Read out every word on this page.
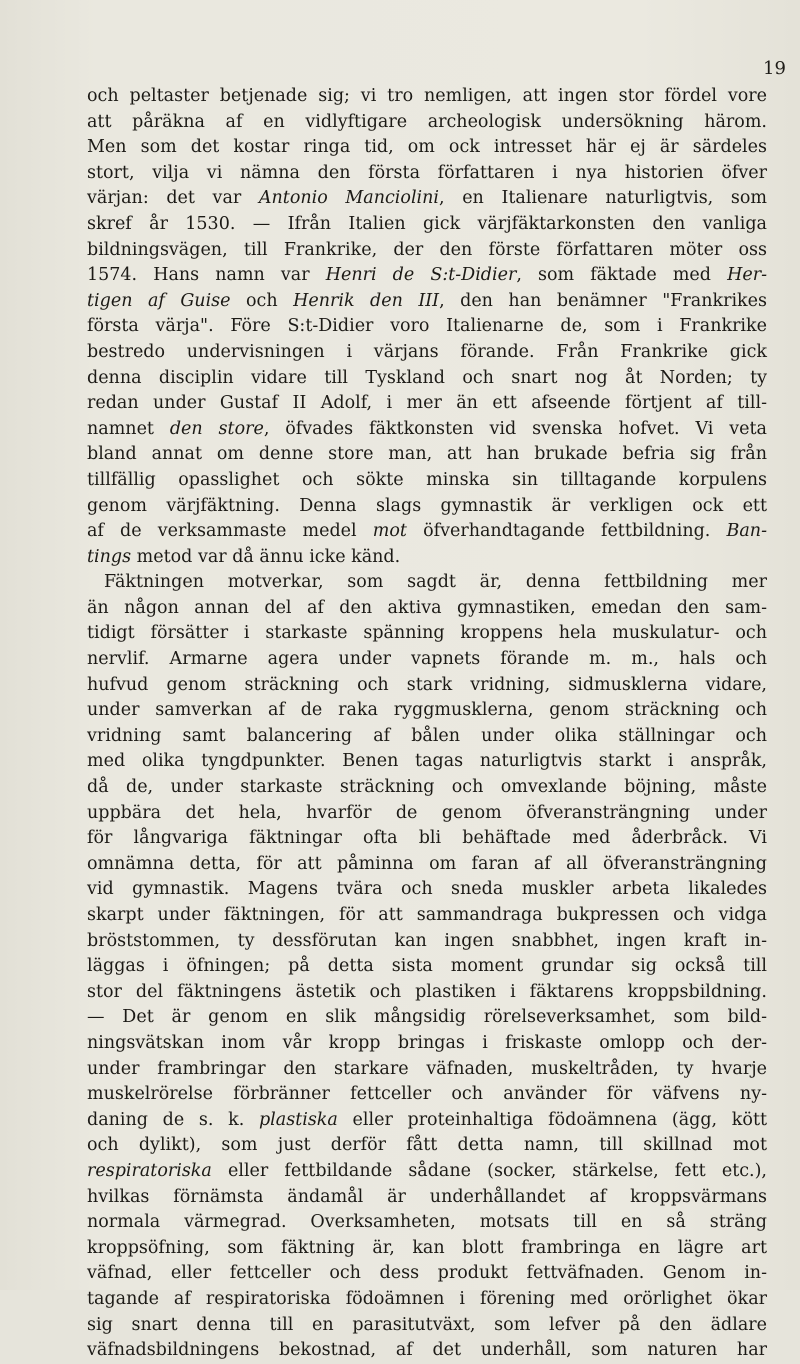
19
och peltaster betjenade sig; vi tro nemligen, att ingen stor fördel vore
att påräkna af en vidlyftigare archeologisk undersökning härom.
Men som det kostar ringa tid, om ock intresset här ej är särdeles
stort, vilja vi nämna den första författaren i nya historien öfver
värjan: det var Antonio Manciolini, en Italienare naturligtvis, som
skref år 1530. — Ifrån Italien gick värjfäktarkonsten den vanliga
bildningsvägen, till Frankrike, der den förste författaren möter oss
1574. Hans namn var Henri de S:t-Didier, som fäktade med Her-
tigen af Guise och Henrik den III, den han benämner "Frankrikes
första värja". Före S:t-Didier voro Italienarne de, som i Frankrike
bestredo undervisningen i värjans förande. Från Frankrike gick
denna disciplin vidare till Tyskland och snart nog åt Norden; ty
redan under Gustaf II Adolf, i mer än ett afseende förtjent af till-
namnet den store, öfvades fäktkonsten vid svenska hofvet. Vi veta
bland annat om denne store man, att han brukade befria sig från
tillfällig opasslighet och sökte minska sin tilltagande korpulens
genom värjfäktning. Denna slags gymnastik är verkligen ock ett
af de verksammaste medel mot öfverhandtagande fettbildning. Ban-
tings metod var då ännu icke känd.
Fäktningen motverkar, som sagdt är, denna fettbildning mer
än någon annan del af den aktiva gymnastiken, emedan den sam-
tidigt försätter i starkaste spänning kroppens hela muskulatur- och
nervlif. Armarne agera under vapnets förande m. m., hals och
hufvud genom sträckning och stark vridning, sidmusklerna vidare,
under samverkan af de raka ryggmusklerna, genom sträckning och
vridning samt balancering af bålen under olika ställningar och
med olika tyngdpunkter. Benen tagas naturligtvis starkt i anspråk,
då de, under starkaste sträckning och omvexlande böjning, måste
uppbära det hela, hvarför de genom öfveransträngning under
för långvariga fäktningar ofta bli behäftade med åderbråck. Vi
omnämna detta, för att påminna om faran af all öfveransträngning
vid gymnastik. Magens tvära och sneda muskler arbeta likaledes
skarpt under fäktningen, för att sammandraga bukpressen och vidga
bröststommen, ty dessförutan kan ingen snabbhet, ingen kraft in-
läggas i öfningen; på detta sista moment grundar sig också till
stor del fäktningens ästetik och plastiken i fäktarens kroppsbildning.
— Det är genom en slik mångsidig rörelseverksamhet, som bild-
ningsvätskan inom vår kropp bringas i friskaste omlopp och der-
under frambringar den starkare väfnaden, muskeltråden, ty hvarje
muskelrörelse förbränner fettceller och använder för väfvens ny-
daning de s. k. plastiska eller proteinhaltiga födoämnena (ägg, kött
och dylikt), som just derför fått detta namn, till skillnad mot
respiratoriska eller fettbildande sådane (socker, stärkelse, fett etc.),
hvilkas förnämsta ändamål är underhållandet af kroppsvärmans
normala värmegrad. Overksamheten, motsats till en så sträng
kroppsöfning, som fäktning är, kan blott frambringa en lägre art
väfnad, eller fettceller och dess produkt fettväfnaden. Genom in-
tagande af respiratoriska födoämnen i förening med orörlighet ökar
sig snart denna till en parasitutväxt, som lefver på den ädlare
väfnadsbildningens bekostnad, af det underhåll, som naturen har
